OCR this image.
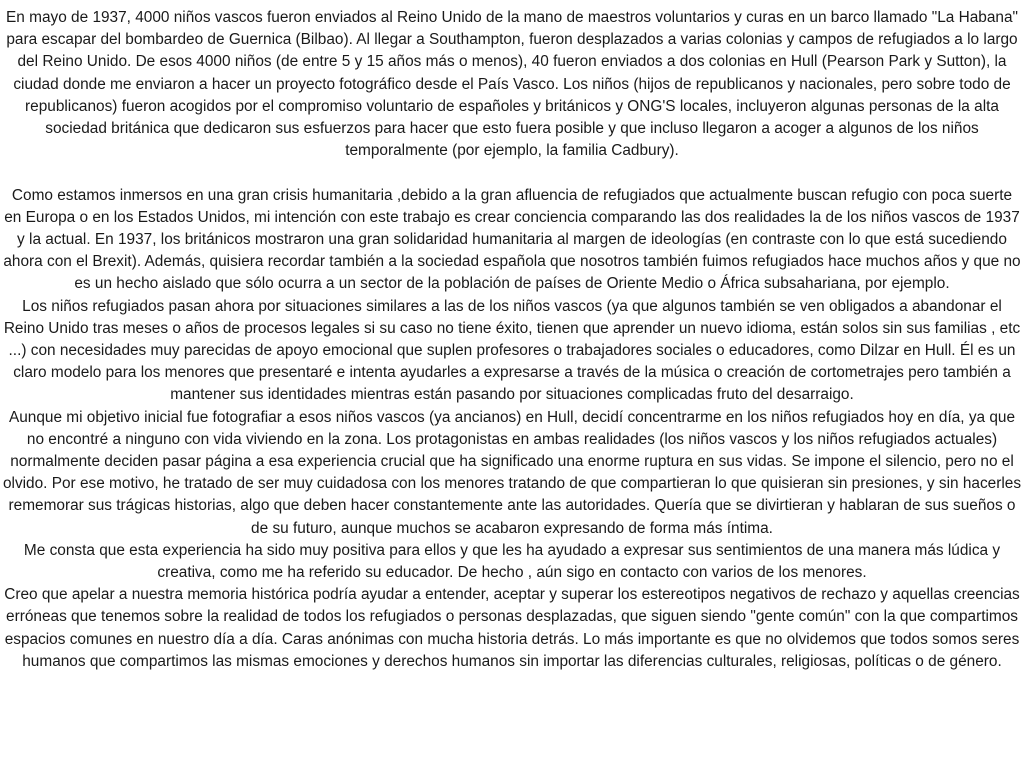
En mayo de 1937, 4000 niños vascos fueron enviados al Reino Unido de la mano de maestros voluntarios y curas en un barco llamado "La Habana" para escapar del bombardeo de Guernica (Bilbao). Al llegar a Southampton, fueron desplazados a varias colonias y campos de refugiados a lo largo del Reino Unido. De esos 4000 niños (de entre 5 y 15 años más o menos), 40 fueron enviados a dos colonias en Hull (Pearson Park y Sutton), la ciudad donde me enviaron a hacer un proyecto fotográfico desde el País Vasco. Los niños (hijos de republicanos y nacionales, pero sobre todo de republicanos) fueron acogidos por el compromiso voluntario de españoles y británicos y ONG'S locales, incluyeron algunas personas de la alta sociedad británica que dedicaron sus esfuerzos para hacer que esto fuera posible y que incluso llegaron a acoger a algunos de los niños temporalmente (por ejemplo, la familia Cadbury).

Como estamos inmersos en una gran crisis humanitaria ,debido a la gran afluencia de refugiados que actualmente buscan refugio con poca suerte en Europa o en los Estados Unidos, mi intención con este trabajo es crear conciencia comparando las dos realidades la de los niños vascos de 1937 y la actual. En 1937, los británicos mostraron una gran solidaridad humanitaria al margen de ideologías (en contraste con lo que está sucediendo ahora con el Brexit). Además, quisiera recordar también a la sociedad española que nosotros también fuimos refugiados hace muchos años y que no es un hecho aislado que sólo ocurra a un sector de la población de países de Oriente Medio o África subsahariana, por ejemplo.

Los niños refugiados pasan ahora por situaciones similares a las de los niños vascos (ya que algunos también se ven obligados a abandonar el Reino Unido tras meses o años de procesos legales si su caso no tiene éxito, tienen que aprender un nuevo idioma, están solos sin sus familias , etc ...) con necesidades muy parecidas de apoyo emocional que suplen profesores o trabajadores sociales o educadores, como Dilzar en Hull. Él es un claro modelo para los menores que presentaré e intenta ayudarles a expresarse a través de la música o creación de cortometrajes pero también a mantener sus identidades mientras están pasando por situaciones complicadas fruto del desarraigo.

Aunque mi objetivo inicial fue fotografiar a esos niños vascos (ya ancianos) en Hull, decidí concentrarme en los niños refugiados hoy en día, ya que no encontré a ninguno con vida viviendo en la zona. Los protagonistas en ambas realidades (los niños vascos y los niños refugiados actuales) normalmente deciden pasar página a esa experiencia crucial que ha significado una enorme ruptura en sus vidas. Se impone el silencio, pero no el olvido. Por ese motivo, he tratado de ser muy cuidadosa con los menores tratando de que compartieran lo que quisieran sin presiones, y sin hacerles rememorar sus trágicas historias, algo que deben hacer constantemente ante las autoridades. Quería que se divirtieran y hablaran de sus sueños o de su futuro, aunque muchos se acabaron expresando de forma más íntima.

Me consta que esta experiencia ha sido muy positiva para ellos y que les ha ayudado a expresar sus sentimientos de una manera más lúdica y creativa, como me ha referido su educador. De hecho , aún sigo en contacto con varios de los menores.

Creo que apelar a nuestra memoria histórica podría ayudar a entender, aceptar y superar los estereotipos negativos de rechazo y aquellas creencias erróneas que tenemos sobre la realidad de todos los refugiados o personas desplazadas, que siguen siendo "gente común" con la que compartimos espacios comunes en nuestro día a día. Caras anónimas con mucha historia detrás. Lo más importante es que no olvidemos que todos somos seres humanos que compartimos las mismas emociones y derechos humanos sin importar las diferencias culturales, religiosas, políticas o de género.
